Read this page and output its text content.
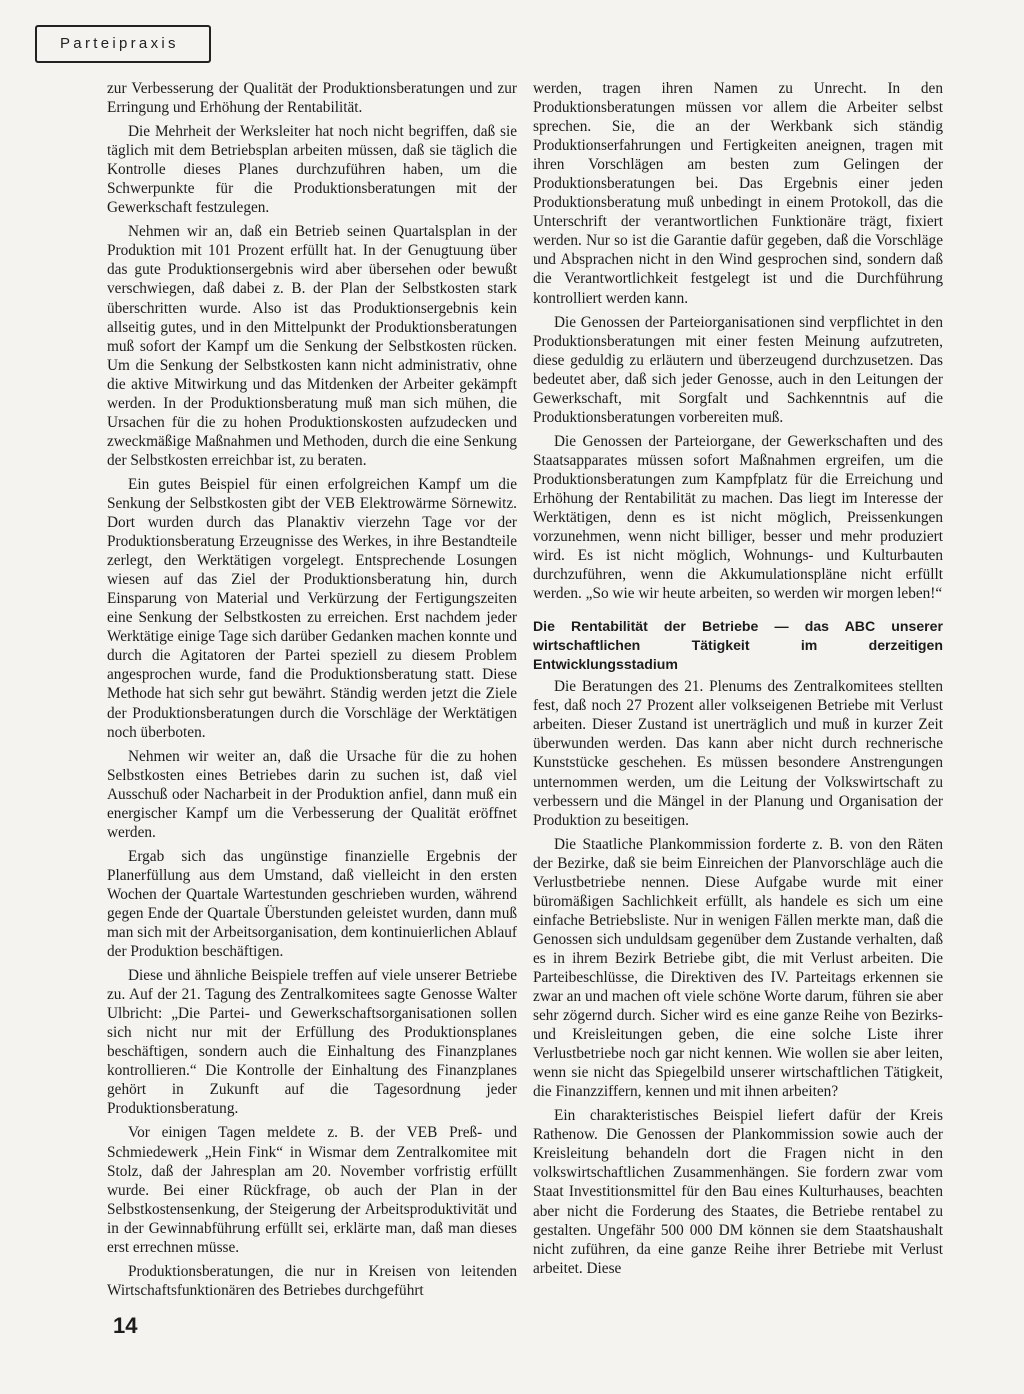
Parteipraxis

zur Verbesserung der Qualität der Produktionsberatungen und zur Erringung und Erhöhung der Rentabilität.

Die Mehrheit der Werksleiter hat noch nicht begriffen, daß sie täglich mit dem Betriebsplan arbeiten müssen, daß sie täglich die Kontrolle dieses Planes durchzuführen haben, um die Schwerpunkte für die Produktionsberatungen mit der Gewerkschaft festzulegen.

Nehmen wir an, daß ein Betrieb seinen Quartalsplan in der Produktion mit 101 Prozent erfüllt hat. In der Genugtuung über das gute Produktionsergebnis wird aber übersehen oder bewußt verschwiegen, daß dabei z. B. der Plan der Selbstkosten stark überschritten wurde. Also ist das Produktionsergebnis kein allseitig gutes, und in den Mittelpunkt der Produktionsberatungen muß sofort der Kampf um die Senkung der Selbstkosten rücken. Um die Senkung der Selbstkosten kann nicht administrativ, ohne die aktive Mitwirkung und das Mitdenken der Arbeiter gekämpft werden. In der Produktionsberatung muß man sich mühen, die Ursachen für die zu hohen Produktionskosten aufzudecken und zweckmäßige Maßnahmen und Methoden, durch die eine Senkung der Selbstkosten erreichbar ist, zu beraten.

Ein gutes Beispiel für einen erfolgreichen Kampf um die Senkung der Selbstkosten gibt der VEB Elektrowärme Sörnewitz. Dort wurden durch das Planaktiv vierzehn Tage vor der Produktionsberatung Erzeugnisse des Werkes, in ihre Bestandteile zerlegt, den Werktätigen vorgelegt. Entsprechende Losungen wiesen auf das Ziel der Produktionsberatung hin, durch Einsparung von Material und Verkürzung der Fertigungszeiten eine Senkung der Selbstkosten zu erreichen. Erst nachdem jeder Werktätige einige Tage sich darüber Gedanken machen konnte und durch die Agitatoren der Partei speziell zu diesem Problem angesprochen wurde, fand die Produktionsberatung statt. Diese Methode hat sich sehr gut bewährt. Ständig werden jetzt die Ziele der Produktionsberatungen durch die Vorschläge der Werktätigen noch überboten.

Nehmen wir weiter an, daß die Ursache für die zu hohen Selbstkosten eines Betriebes darin zu suchen ist, daß viel Ausschuß oder Nacharbeit in der Produktion anfiel, dann muß ein energischer Kampf um die Verbesserung der Qualität eröffnet werden.

Ergab sich das ungünstige finanzielle Ergebnis der Planerfüllung aus dem Umstand, daß vielleicht in den ersten Wochen der Quartale Wartestunden geschrieben wurden, während gegen Ende der Quartale Überstunden geleistet wurden, dann muß man sich mit der Arbeitsorganisation, dem kontinuierlichen Ablauf der Produktion beschäftigen.

Diese und ähnliche Beispiele treffen auf viele unserer Betriebe zu. Auf der 21. Tagung des Zentralkomitees sagte Genosse Walter Ulbricht: „Die Partei- und Gewerkschaftsorganisationen sollen sich nicht nur mit der Erfüllung des Produktionsplanes beschäftigen, sondern auch die Einhaltung des Finanzplanes kontrollieren.“ Die Kontrolle der Einhaltung des Finanzplanes gehört in Zukunft auf die Tagesordnung jeder Produktionsberatung.

Vor einigen Tagen meldete z. B. der VEB Preß- und Schmiedewerk „Hein Fink“ in Wismar dem Zentralkomitee mit Stolz, daß der Jahresplan am 20. November vorfristig erfüllt wurde. Bei einer Rückfrage, ob auch der Plan in der Selbstkostensenkung, der Steigerung der Arbeitsproduktivität und in der Gewinnabführung erfüllt sei, erklärte man, daß man dieses erst errechnen müsse.

Produktionsberatungen, die nur in Kreisen von leitenden Wirtschaftsfunktionären des Betriebes durchgeführt

werden, tragen ihren Namen zu Unrecht. In den Produktionsberatungen müssen vor allem die Arbeiter selbst sprechen. Sie, die an der Werkbank sich ständig Produktionserfahrungen und Fertigkeiten aneignen, tragen mit ihren Vorschlägen am besten zum Gelingen der Produktionsberatungen bei. Das Ergebnis einer jeden Produktionsberatung muß unbedingt in einem Protokoll, das die Unterschrift der verantwortlichen Funktionäre trägt, fixiert werden. Nur so ist die Garantie dafür gegeben, daß die Vorschläge und Absprachen nicht in den Wind gesprochen sind, sondern daß die Verantwortlichkeit festgelegt ist und die Durchführung kontrolliert werden kann.

Die Genossen der Parteiorganisationen sind verpflichtet in den Produktionsberatungen mit einer festen Meinung aufzutreten, diese geduldig zu erläutern und überzeugend durchzusetzen. Das bedeutet aber, daß sich jeder Genosse, auch in den Leitungen der Gewerkschaft, mit Sorgfalt und Sachkenntnis auf die Produktionsberatungen vorbereiten muß.

Die Genossen der Parteiorgane, der Gewerkschaften und des Staatsapparates müssen sofort Maßnahmen ergreifen, um die Produktionsberatungen zum Kampfplatz für die Erreichung und Erhöhung der Rentabilität zu machen. Das liegt im Interesse der Werktätigen, denn es ist nicht möglich, Preissenkungen vorzunehmen, wenn nicht billiger, besser und mehr produziert wird. Es ist nicht möglich, Wohnungs- und Kulturbauten durchzuführen, wenn die Akkumulationspläne nicht erfüllt werden. „So wie wir heute arbeiten, so werden wir morgen leben!“

Die Rentabilität der Betriebe — das ABC unserer wirtschaftlichen Tätigkeit im derzeitigen Entwicklungsstadium

Die Beratungen des 21. Plenums des Zentralkomitees stellten fest, daß noch 27 Prozent aller volkseigenen Betriebe mit Verlust arbeiten. Dieser Zustand ist unerträglich und muß in kurzer Zeit überwunden werden. Das kann aber nicht durch rechnerische Kunststücke geschehen. Es müssen besondere Anstrengungen unternommen werden, um die Leitung der Volkswirtschaft zu verbessern und die Mängel in der Planung und Organisation der Produktion zu beseitigen.

Die Staatliche Plankommission forderte z. B. von den Räten der Bezirke, daß sie beim Einreichen der Planvorschläge auch die Verlustbetriebe nennen. Diese Aufgabe wurde mit einer büromäßigen Sachlichkeit erfüllt, als handele es sich um eine einfache Betriebsliste. Nur in wenigen Fällen merkte man, daß die Genossen sich unduldsam gegenüber dem Zustande verhalten, daß es in ihrem Bezirk Betriebe gibt, die mit Verlust arbeiten. Die Parteibeschlüsse, die Direktiven des IV. Parteitags erkennen sie zwar an und machen oft viele schöne Worte darum, führen sie aber sehr zögernd durch. Sicher wird es eine ganze Reihe von Bezirks- und Kreisleitungen geben, die eine solche Liste ihrer Verlustbetriebe noch gar nicht kennen. Wie wollen sie aber leiten, wenn sie nicht das Spiegelbild unserer wirtschaftlichen Tätigkeit, die Finanzziffern, kennen und mit ihnen arbeiten?

Ein charakteristisches Beispiel liefert dafür der Kreis Rathenow. Die Genossen der Plankommission sowie auch der Kreisleitung behandeln dort die Fragen nicht in den volkswirtschaftlichen Zusammenhängen. Sie fordern zwar vom Staat Investitionsmittel für den Bau eines Kulturhauses, beachten aber nicht die Forderung des Staates, die Betriebe rentabel zu gestalten. Ungefähr 500 000 DM können sie dem Staatshaushalt nicht zuführen, da eine ganze Reihe ihrer Betriebe mit Verlust arbeitet. Diese

14
